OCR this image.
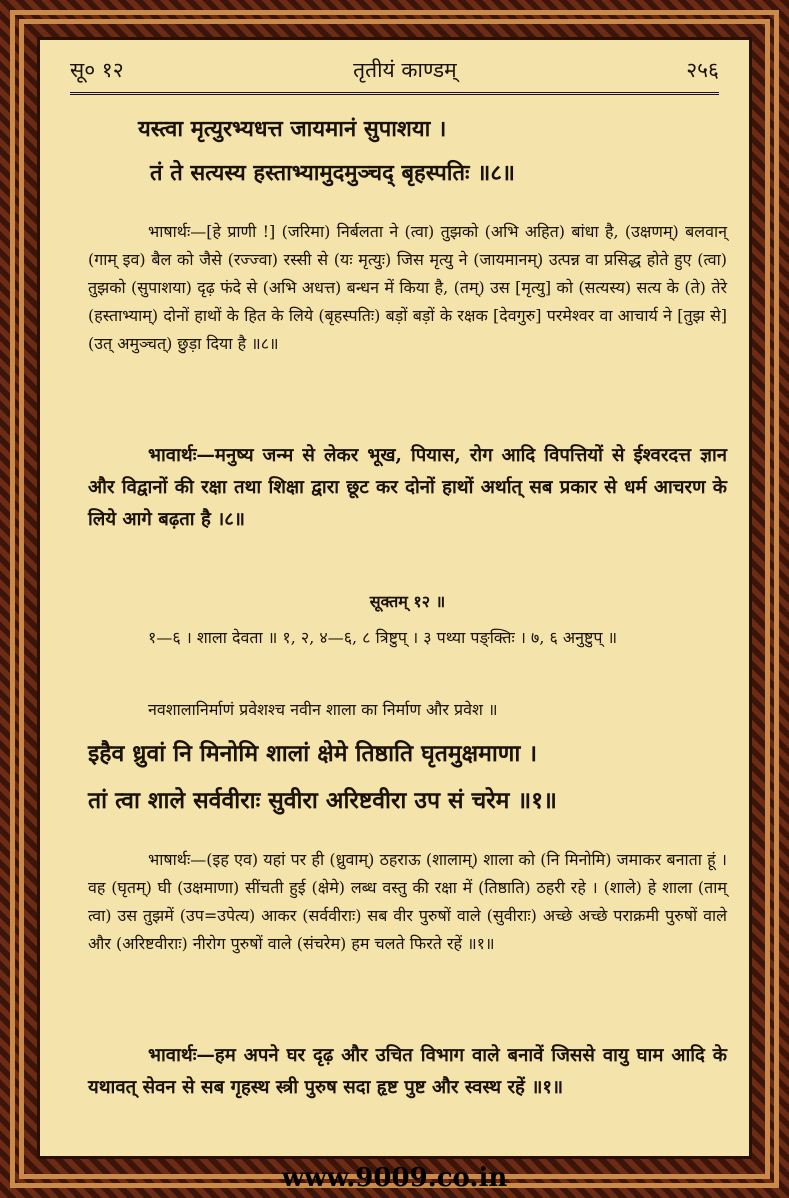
सू० १२	तृतीयं काण्डम्	२५६
यस्त्वा मृत्युरभ्यधत्त जायमानं सुपाशया ।
तं ते सत्यस्य हस्ताभ्यामुदमुञ्चद् बृहस्पतिः ॥८॥
भाषार्थः—[हे प्राणी !] (जरिमा) निर्बलता ने (त्वा) तुझको (अभि अहित) बांधा है, (उक्षणम्) बलवान् (गाम् इव) बैल को जैसे (रज्ज्वा) रस्सी से (यः मृत्युः) जिस मृत्यु ने (जायमानम्) उत्पन्न वा प्रसिद्ध होते हुए (त्वा) तुझको (सुपाशया) दृढ़ फंदे से (अभि अधत्त) बन्धन में किया है, (तम्) उस [मृत्यु] को (सत्यस्य) सत्य के (ते) तेरे (हस्ताभ्याम्) दोनों हाथों के हित के लिये (बृहस्पतिः) बड़ों बड़ों के रक्षक [देवगुरु] परमेश्वर वा आचार्य ने [तुझ से] (उत् अमुञ्चत्) छुड़ा दिया है ॥८॥
भावार्थः—मनुष्य जन्म से लेकर भूख, पियास, रोग आदि विपत्तियों से ईश्वरदत्त ज्ञान और विद्वानों की रक्षा तथा शिक्षा द्वारा छूट कर दोनों हाथों अर्थात् सब प्रकार से धर्म आचरण के लिये आगे बढ़ता है ।८॥
सूक्तम् १२ ॥
१—६ । शाला देवता ॥ १, २, ४—६, ८ त्रिष्टुप् । ३ पथ्या पङ्क्तिः । ७, ६ अनुष्टुप् ॥
नवशालानिर्माणं प्रवेशश्च नवीन शाला का निर्माण और प्रवेश ॥
इहैव ध्रुवां नि मिनोमि शालां क्षेमे तिष्ठाति घृतमुक्षमाणा ।
तां त्वा शाले सर्ववीराः सुवीरा अरिष्टवीरा उप सं चरेम ॥१॥
भाषार्थः—(इह एव) यहां पर ही (ध्रुवाम्) ठहराऊ (शालाम्) शाला को (नि मिनोमि) जमाकर बनाता हूं । वह (घृतम्) घी (उक्षमाणा) सींचती हुई (क्षेमे) लब्ध वस्तु की रक्षा में (तिष्ठाति) ठहरी रहे । (शाले) हे शाला (ताम् त्वा) उस तुझमें (उप=उपेत्य) आकर (सर्ववीराः) सब वीर पुरुषों वाले (सुवीराः) अच्छे अच्छे पराक्रमी पुरुषों वाले और (अरिष्टवीराः) नीरोग पुरुषों वाले (संचरेम) हम चलते फिरते रहें ॥१॥
भावार्थः—हम अपने घर दृढ़ और उचित विभाग वाले बनावें जिससे वायु घाम आदि के यथावत् सेवन से सब गृहस्थ स्त्री पुरुष सदा हृष्ट पुष्ट और स्वस्थ रहें ॥१॥
www.9009.co.in
